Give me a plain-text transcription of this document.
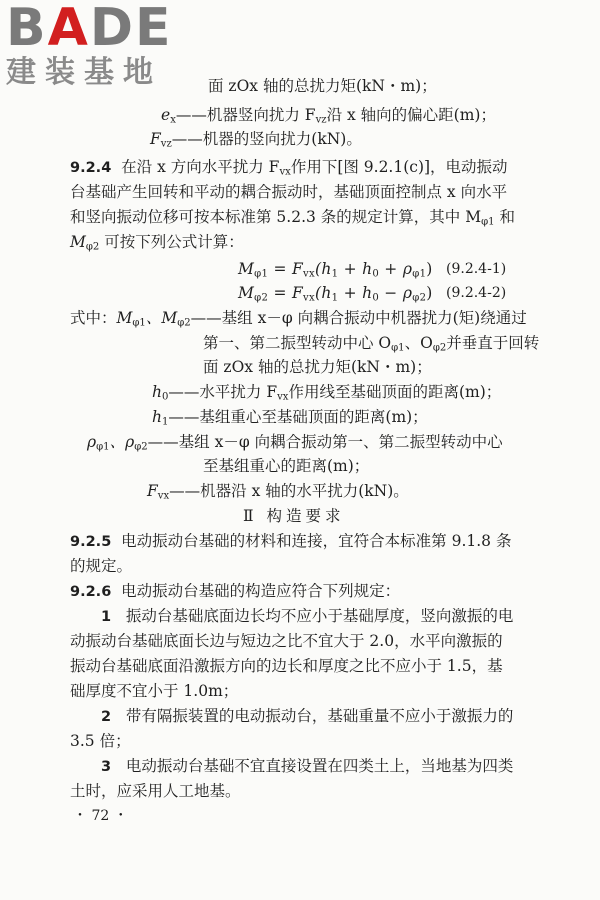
BADE
建装基地	面 zOx 轴的总扰力矩(kN・m)；
$e_x——$机器竖向扰力 $F_{vz}$沿 x 轴向的偏心距(m)；
$F_{vz}——$机器的竖向扰力(kN)。
9.2.4 在沿 x 方向水平扰力 $F_{vx}$作用下[图 9.2.1(c)]，电动振动
台基础产生回转和平动的耦合振动时，基础顶面控制点 x 向水平
和竖向振动位移可按本标准第 5.2.3 条的规定计算，其中 $M_{\varphi 1}$ 和
$M_{\varphi 2}$ 可按下列公式计算：
$M_{\varphi 1} = F_{vx}(h_1 + h_0 + \rho_{\varphi 1})$ (9.2.4-1)
$M_{\varphi 2} = F_{vx}(h_1 + h_0 - \rho_{\varphi 2})$ (9.2.4-2)
式中：$M_{\varphi 1}$、$M_{\varphi 2}——$基组 x－φ 向耦合振动中机器扰力(矩)绕通过
第一、第二振型转动中心 $O_{\varphi 1}$、$O_{\varphi 2}$并垂直于回转
面 zOx 轴的总扰力矩(kN・m)；
$h_0——$水平扰力 $F_{vx}$作用线至基础顶面的距离(m)；
$h_1——$基组重心至基础顶面的距离(m)；
$\rho_{\varphi 1}$、$\rho_{\varphi 2}——$基组 x－φ 向耦合振动第一、第二振型转动中心
至基组重心的距离(m)；
$F_{vx}——$机器沿 x 轴的水平扰力(kN)。
Ⅱ 构造要求
9.2.5 电动振动台基础的材料和连接，宜符合本标准第 9.1.8 条
的规定。
9.2.6 电动振动台基础的构造应符合下列规定：
1 振动台基础底面边长均不应小于基础厚度，竖向激振的电
动振动台基础底面长边与短边之比不宜大于 2.0，水平向激振的
振动台基础底面沿激振方向的边长和厚度之比不应小于 1.5，基
础厚度不宜小于 1.0m；
2 带有隔振装置的电动振动台，基础重量不应小于激振力的
3.5 倍；
3 电动振动台基础不宜直接设置在四类土上，当地基为四类
土时，应采用人工地基。
・ 72 ・
